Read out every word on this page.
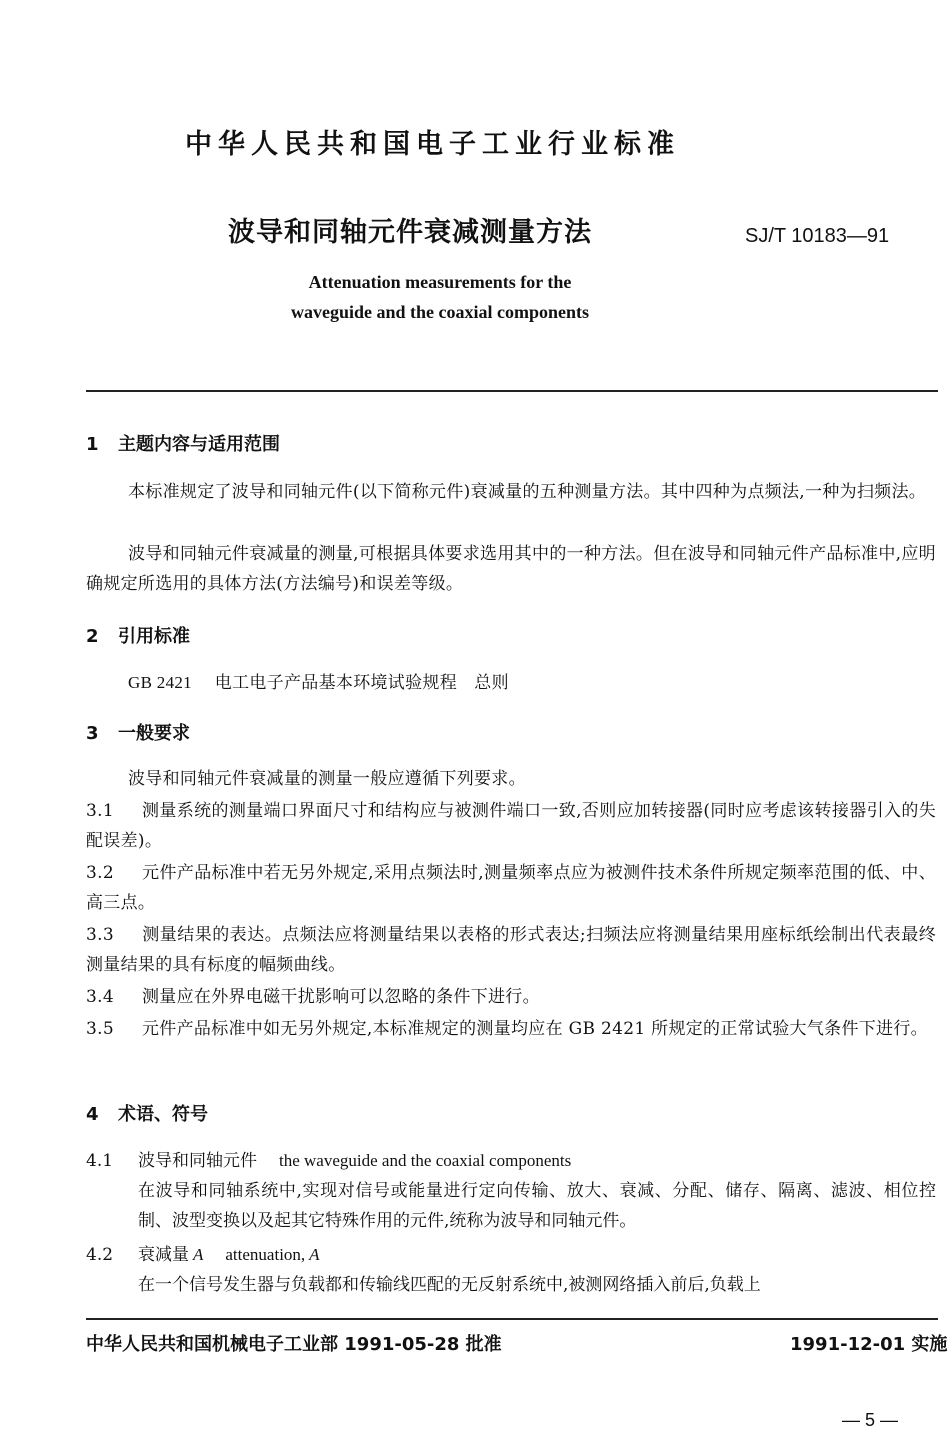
中华人民共和国电子工业行业标准
波导和同轴元件衰减测量方法	SJ/T 10183—91
Attenuation measurements for the
waveguide and the coaxial components
1 主题内容与适用范围
本标准规定了波导和同轴元件(以下简称元件)衰减量的五种测量方法。其中四种为点频法,一种为扫频法。
波导和同轴元件衰减量的测量,可根据具体要求选用其中的一种方法。但在波导和同轴元件产品标准中,应明确规定所选用的具体方法(方法编号)和误差等级。
2 引用标准
GB 2421 电工电子产品基本环境试验规程　总则
3 一般要求
波导和同轴元件衰减量的测量一般应遵循下列要求。
3.1 测量系统的测量端口界面尺寸和结构应与被测件端口一致,否则应加转接器(同时应考虑该转接器引入的失配误差)。
3.2 元件产品标准中若无另外规定,采用点频法时,测量频率点应为被测件技术条件所规定频率范围的低、中、高三点。
3.3 测量结果的表达。点频法应将测量结果以表格的形式表达;扫频法应将测量结果用座标纸绘制出代表最终测量结果的具有标度的幅频曲线。
3.4 测量应在外界电磁干扰影响可以忽略的条件下进行。
3.5 元件产品标准中如无另外规定,本标准规定的测量均应在 GB 2421 所规定的正常试验大气条件下进行。
4 术语、符号
4.1	波导和同轴元件 the waveguide and the coaxial components
在波导和同轴系统中,实现对信号或能量进行定向传输、放大、衰减、分配、储存、隔离、滤波、相位控制、波型变换以及起其它特殊作用的元件,统称为波导和同轴元件。
4.2	衰减量 A attenuation, A
在一个信号发生器与负载都和传输线匹配的无反射系统中,被测网络插入前后,负载上
中华人民共和国机械电子工业部 1991-05-28 批准	1991-12-01 实施
— 5 —
